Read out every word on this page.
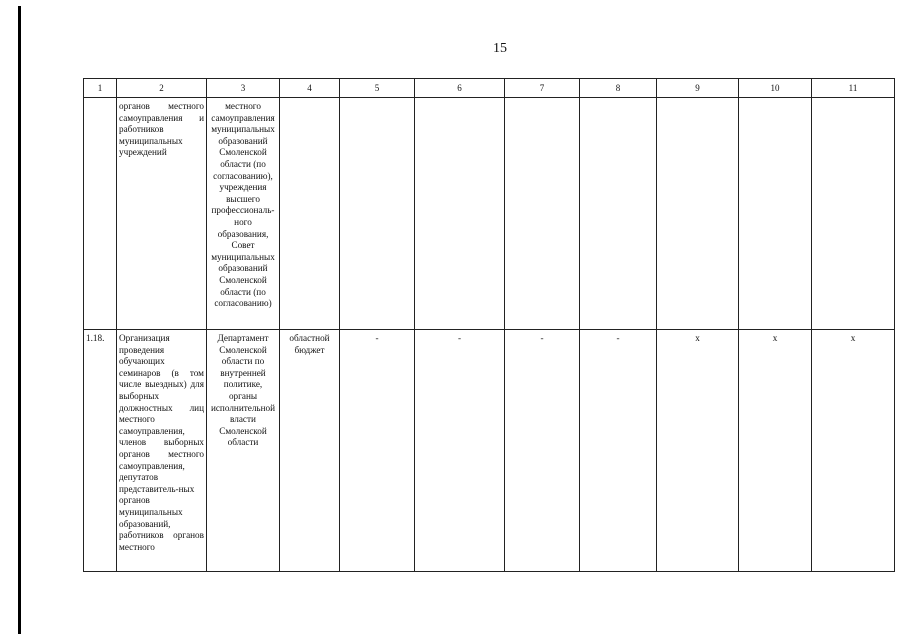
15
1	2	3	4	5	6	7	8	9	10	11
	органов местного самоуправления и работников муниципальных учреждений	местного самоуправления муниципальных образований Смоленской области (по согласованию), учреждения высшего профессиональ-ного образования, Совет муниципальных образований Смоленской области (по согласованию)								
1.18.	Организация проведения обучающих семинаров (в том числе выездных) для выборных должностных лиц местного самоуправления, членов выборных органов местного самоуправления, депутатов представитель-ных органов муниципальных образований, работников органов местного	Департамент Смоленской области по внутренней политике, органы исполнительной власти Смоленской области	областной бюджет	-	-	-	-	х	х	х
